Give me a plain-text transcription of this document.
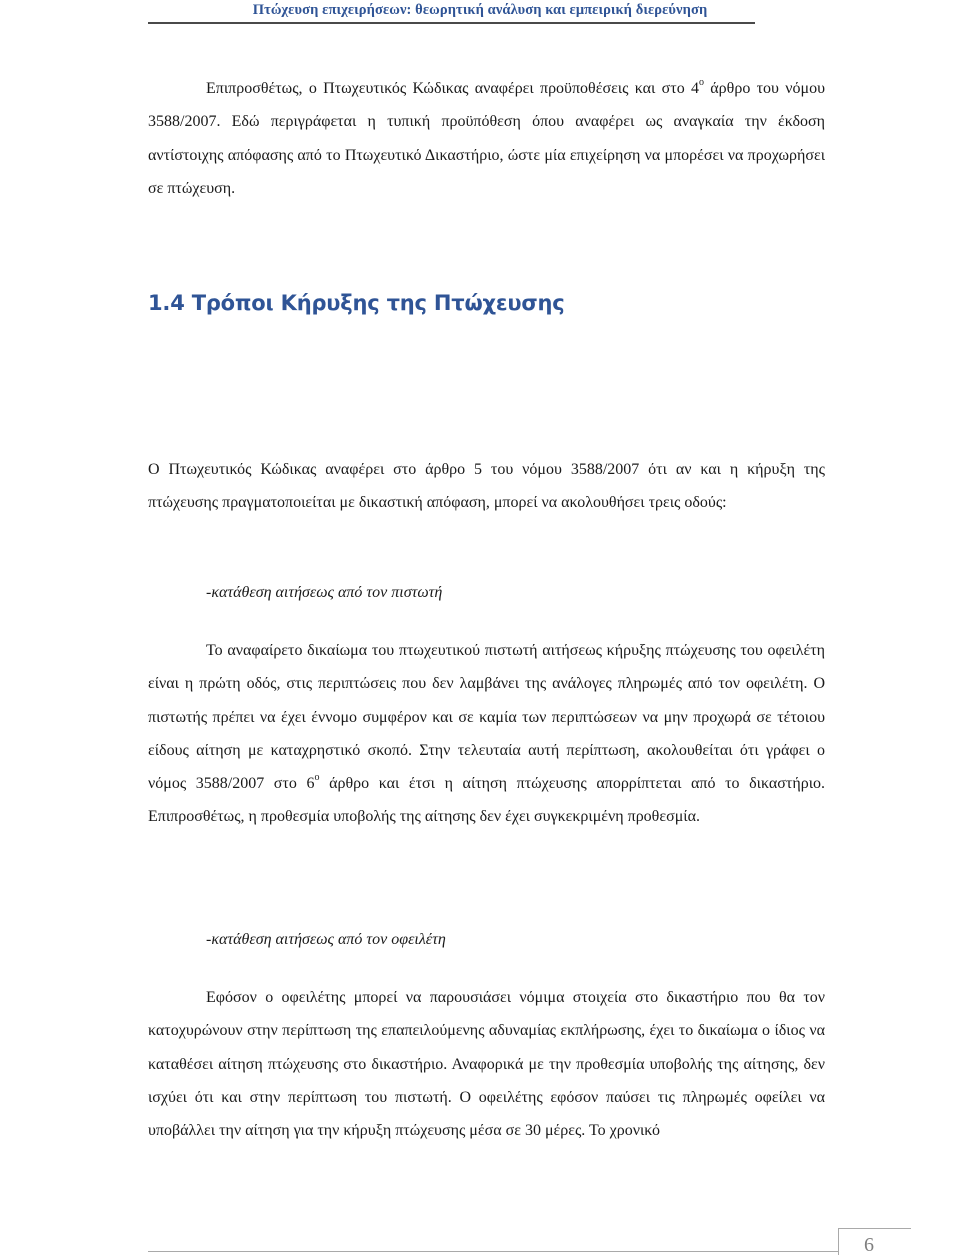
Πτώχευση επιχειρήσεων: θεωρητική ανάλυση και εμπειρική διερεύνηση

Επιπροσθέτως, ο Πτωχευτικός Κώδικας αναφέρει προϋποθέσεις και στο $4^o$ άρθρο του νόμου 3588/2007. Εδώ περιγράφεται η τυπική προϋπόθεση όπου αναφέρει ως αναγκαία την έκδοση αντίστοιχης απόφασης από το Πτωχευτικό Δικαστήριο, ώστε μία επιχείρηση να μπορέσει να προχωρήσει σε πτώχευση.

1.4 Τρόποι Κήρυξης της Πτώχευσης

Ο Πτωχευτικός Κώδικας αναφέρει στο άρθρο 5 του νόμου 3588/2007 ότι αν και η κήρυξη της πτώχευσης πραγματοποιείται με δικαστική απόφαση, μπορεί να ακολουθήσει τρεις οδούς:

-κατάθεση αιτήσεως από τον πιστωτή

Το αναφαίρετο δικαίωμα του πτωχευτικού πιστωτή αιτήσεως κήρυξης πτώχευσης του οφειλέτη είναι η πρώτη οδός, στις περιπτώσεις που δεν λαμβάνει της ανάλογες πληρωμές από τον οφειλέτη. Ο πιστωτής πρέπει να έχει έννομο συμφέρον και σε καμία των περιπτώσεων να μην προχωρά σε τέτοιου είδους αίτηση με καταχρηστικό σκοπό. Στην τελευταία αυτή περίπτωση, ακολουθείται ότι γράφει ο νόμος 3588/2007 στο $6^o$ άρθρο και έτσι η αίτηση πτώχευσης απορρίπτεται από το δικαστήριο. Επιπροσθέτως, η προθεσμία υποβολής της αίτησης δεν έχει συγκεκριμένη προθεσμία.

-κατάθεση αιτήσεως από τον οφειλέτη

Εφόσον ο οφειλέτης μπορεί να παρουσιάσει νόμιμα στοιχεία στο δικαστήριο που θα τον κατοχυρώνουν στην περίπτωση της επαπειλούμενης αδυναμίας εκπλήρωσης, έχει το δικαίωμα ο ίδιος να καταθέσει αίτηση πτώχευσης στο δικαστήριο. Αναφορικά με την προθεσμία υποβολής της αίτησης, δεν ισχύει ότι και στην περίπτωση του πιστωτή. Ο οφειλέτης εφόσον παύσει τις πληρωμές οφείλει να υποβάλλει την αίτηση για την κήρυξη πτώχευσης μέσα σε 30 μέρες. Το χρονικό

6
